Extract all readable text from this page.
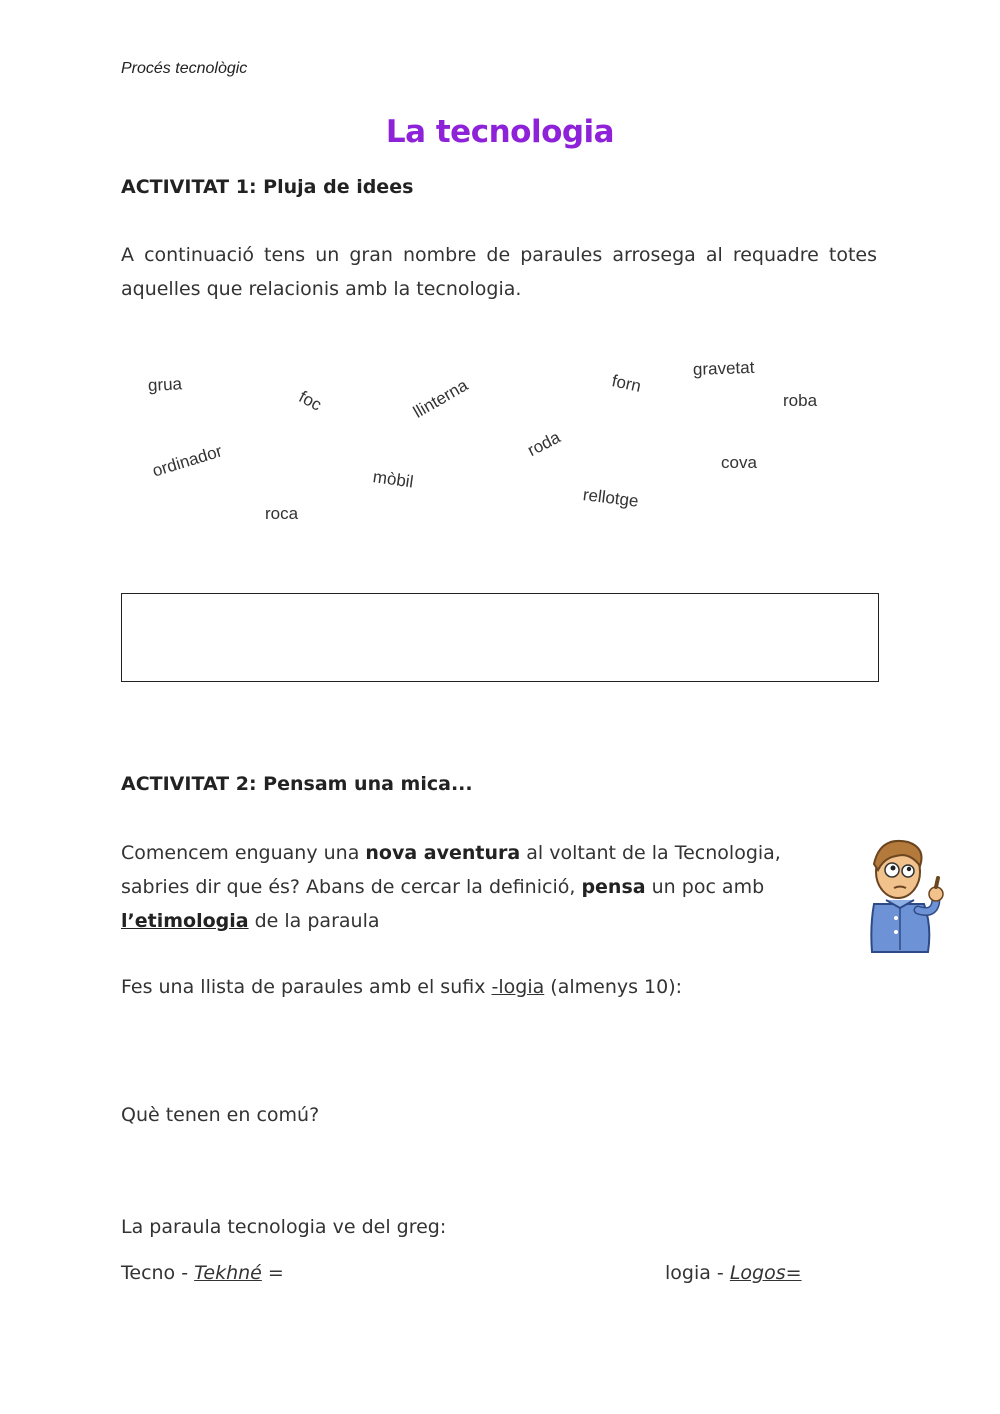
Procés tecnològic

La tecnologia
ACTIVITAT 1: Pluja de idees

A continuació tens un gran nombre de paraules arrosega al requadre totes aquelles que relacionis amb la tecnologia.

grua
foc	llinterna	forn
gravetat
roba
ordinador	mòbil
roda
rellotge
cova
roca
ACTIVITAT 2: Pensam una mica...

Comencem enguany una nova aventura al voltant de la Tecnologia, sabries dir que és? Abans de cercar la definició, pensa un poc amb l’etimologia de la paraula

Fes una llista de paraules amb el sufix -logia (almenys 10):

Què tenen en comú?

La paraula tecnologia ve del greg:

Tecno - Tekhné =	logia - Logos=
